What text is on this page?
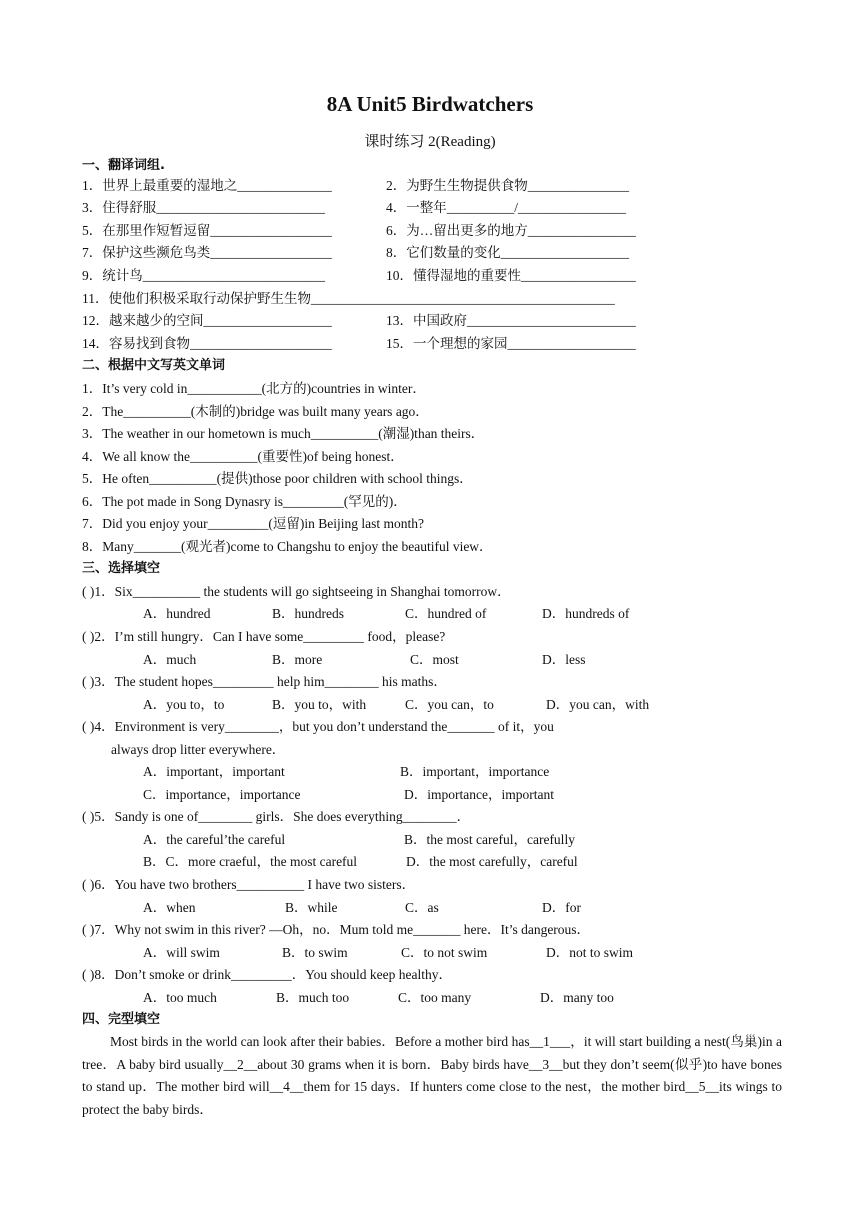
8A Unit5 Birdwatchers
课时练习 2(Reading)
一、翻译词组.
1．世界上最重要的湿地之______________	2．为野生生物提供食物_______________
3．住得舒服_________________________	4．一整年__________/________________
5．在那里作短暂逗留__________________	6．为…留出更多的地方________________
7．保护这些濒危鸟类__________________	8．它们数量的变化___________________
9．统计鸟___________________________	10．懂得湿地的重要性_________________
11．使他们积极采取行动保护野生生物_____________________________________________
12．越来越少的空间___________________	13．中国政府_________________________
14．容易找到食物_____________________	15．一个理想的家园___________________
二、根据中文写英文单词
1．It’s very cold in___________(北方的)countries in winter．
2．The__________(木制的)bridge was built many years ago．
3．The weather in our hometown is much__________(潮湿)than theirs．
4．We all know the__________(重要性)of being honest．
5．He often__________(提供)those poor children with school things．
6．The pot made in Song Dynasry is_________(罕见的)．
7．Did you enjoy your_________(逗留)in Beijing last month?
8．Many_______(观光者)come to Changshu to enjoy the beautiful view．
三、选择填空
( )1．Six__________ the students will go sightseeing in Shanghai tomorrow．
A．hundred	B．hundreds	C．hundred of	D．hundreds of
( )2．I’m still hungry．Can I have some_________ food，please?
A．much	B．more	C．most	D．less
( )3．The student hopes_________ help him________ his maths．
A．you to，to	B．you to，with	C．you can，to	D．you can，with
( )4．Environment is very________，but you don’t understand the_______ of it，you
always drop litter everywhere．
A．important，important	B．important，importance
C．importance，importance	D．importance，important
( )5．Sandy is one of________ girls．She does everything________．
A．the careful’the careful	B．the most careful，carefully
B．C．more craeful，the most careful	D．the most carefully，careful
( )6．You have two brothers__________ I have two sisters．
A．when	B．while	C．as	D．for
( )7．Why not swim in this river? —Oh，no．Mum told me_______ here．It’s dangerous．
A．will swim	B．to swim	C．to not swim	D．not to swim
( )8．Don’t smoke or drink_________．You should keep healthy．
A．too much	B．much too	C．too many	D．many too
四、完型填空
Most birds in the world can look after their babies．Before a mother bird has__1___，it will start building a nest(鸟巢)in a tree．A baby bird usually__2__about 30 grams when it is born．Baby birds have__3__but they don’t seem(似乎)to have bones to stand up．The mother bird will__4__them for 15 days．If hunters come close to the nest，the mother bird__5__its wings to protect the baby birds．
